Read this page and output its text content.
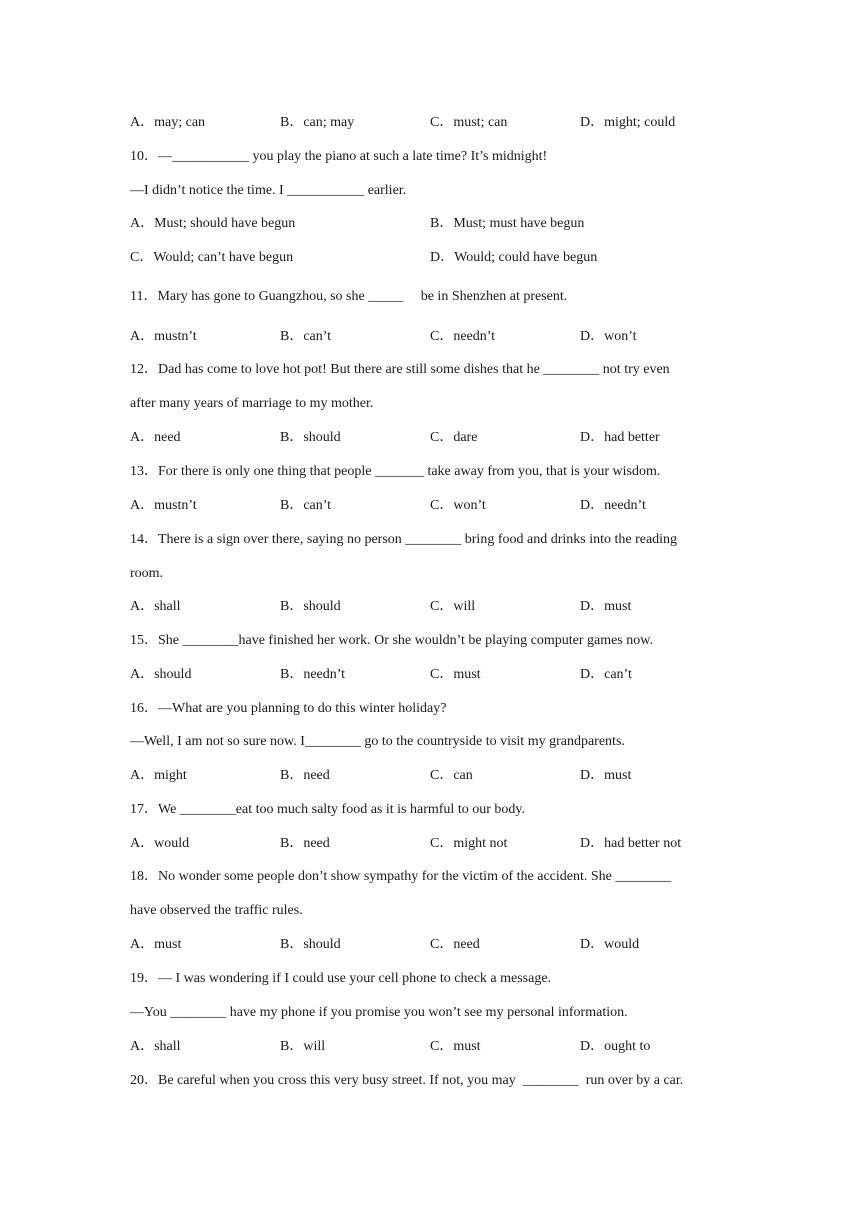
A．may; can	B．can; may	C．must; can	D．might; could
10．—___________ you play the piano at such a late time? It’s midnight!
—I didn’t notice the time. I ___________ earlier.
A．Must; should have begun	B．Must; must have begun
C．Would; can’t have begun	D．Would; could have begun
11．Mary has gone to Guangzhou, so she _____     be in Shenzhen at present.
A．mustn’t	B．can’t	C．needn’t	D．won’t
12．Dad has come to love hot pot! But there are still some dishes that he ________ not try even
after many years of marriage to my mother.
A．need	B．should	C．dare	D．had better
13．For there is only one thing that people _______ take away from you, that is your wisdom.
A．mustn’t	B．can’t	C．won’t	D．needn’t
14．There is a sign over there, saying no person ________ bring food and drinks into the reading
room.
A．shall	B．should	C．will	D．must
15．She ________have finished her work. Or she wouldn’t be playing computer games now.
A．should	B．needn’t	C．must	D．can’t
16．—What are you planning to do this winter holiday?
—Well, I am not so sure now. I________ go to the countryside to visit my grandparents.
A．might	B．need	C．can	D．must
17．We ________eat too much salty food as it is harmful to our body.
A．would	B．need	C．might not	D．had better not
18．No wonder some people don’t show sympathy for the victim of the accident. She ________
have observed the traffic rules.
A．must	B．should	C．need	D．would
19．— I was wondering if I could use your cell phone to check a message.
—You ________ have my phone if you promise you won’t see my personal information.
A．shall	B．will	C．must	D．ought to
20．Be careful when you cross this very busy street. If not, you may  ________  run over by a car.
